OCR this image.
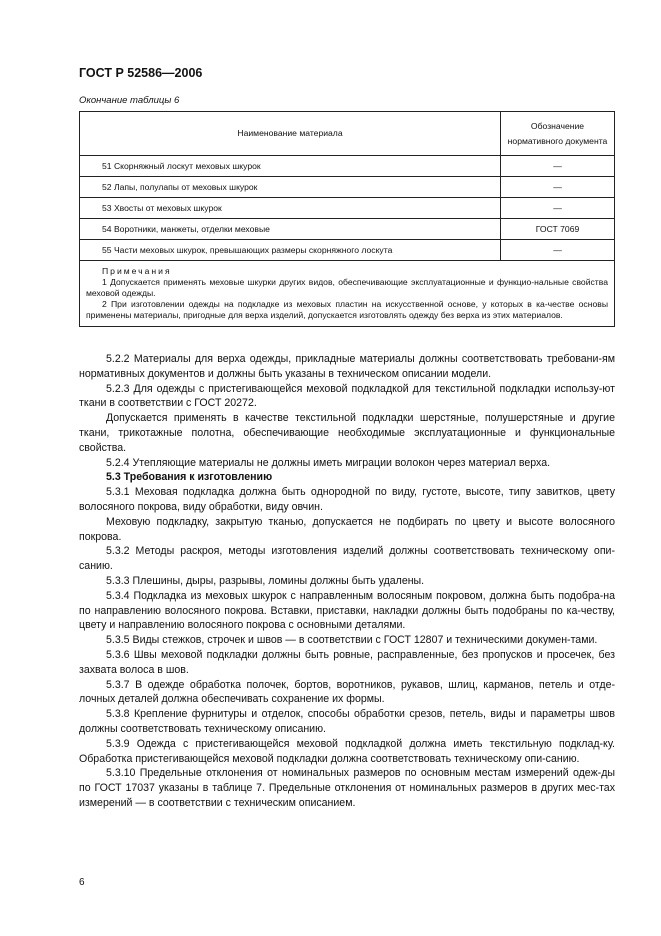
ГОСТ Р 52586—2006
Окончание таблицы 6
Наименование материала	Обозначение
нормативного документа
51 Скорняжный лоскут меховых шкурок	—
52 Лапы, полулапы от меховых шкурок	—
53 Хвосты от меховых шкурок	—
54 Воротники, манжеты, отделки меховые	ГОСТ 7069
55 Части меховых шкурок, превышающих размеры скорняжного лоскута	—

Примечания
1 Допускается применять меховые шкурки других видов, обеспечивающие эксплуатационные и функцио-нальные свойства меховой одежды.
2 При изготовлении одежды на подкладке из меховых пластин на искусственной основе, у которых в ка-честве основы применены материалы, пригодные для верха изделий, допускается изготовлять одежду без верха из этих материалов.	

5.2.2 Материалы для верха одежды, прикладные материалы должны соответствовать требовани-ям нормативных документов и должны быть указаны в техническом описании модели.

5.2.3 Для одежды с пристегивающейся меховой подкладкой для текстильной подкладки использу-ют ткани в соответствии с ГОСТ 20272.

Допускается применять в качестве текстильной подкладки шерстяные, полушерстяные и другие ткани, трикотажные полотна, обеспечивающие необходимые эксплуатационные и функциональные свойства.

5.2.4 Утепляющие материалы не должны иметь миграции волокон через материал верха.

5.3 Требования к изготовлению

5.3.1 Меховая подкладка должна быть однородной по виду, густоте, высоте, типу завитков, цвету волосяного покрова, виду обработки, виду овчин.

Меховую подкладку, закрытую тканью, допускается не подбирать по цвету и высоте волосяного покрова.

5.3.2 Методы раскроя, методы изготовления изделий должны соответствовать техническому опи-санию.

5.3.3 Плешины, дыры, разрывы, ломины должны быть удалены.

5.3.4 Подкладка из меховых шкурок с направленным волосяным покровом, должна быть подобра-на по направлению волосяного покрова. Вставки, приставки, накладки должны быть подобраны по ка-честву, цвету и направлению волосяного покрова с основными деталями.

5.3.5 Виды стежков, строчек и швов — в соответствии с ГОСТ 12807 и техническими докумен-тами.

5.3.6 Швы меховой подкладки должны быть ровные, расправленные, без пропусков и просечек, без захвата волоса в шов.

5.3.7 В одежде обработка полочек, бортов, воротников, рукавов, шлиц, карманов, петель и отде-лочных деталей должна обеспечивать сохранение их формы.

5.3.8 Крепление фурнитуры и отделок, способы обработки срезов, петель, виды и параметры швов должны соответствовать техническому описанию.

5.3.9 Одежда с пристегивающейся меховой подкладкой должна иметь текстильную подклад-ку. Обработка пристегивающейся меховой подкладки должна соответствовать техническому опи-санию.

5.3.10 Предельные отклонения от номинальных размеров по основным местам измерений одеж-ды по ГОСТ 17037 указаны в таблице 7. Предельные отклонения от номинальных размеров в других мес-тах измерений — в соответствии с техническим описанием.

6
